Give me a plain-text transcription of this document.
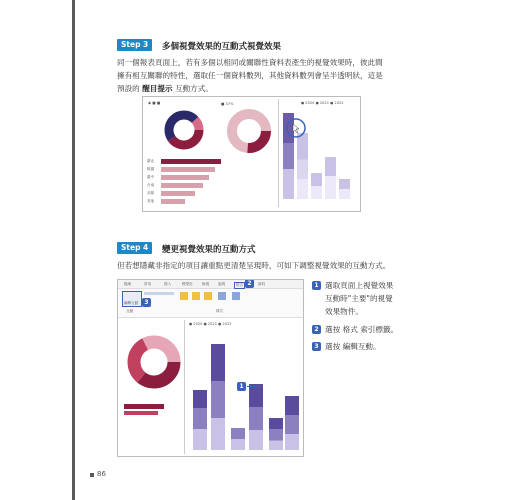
Step 3	多個視覺效果的互動式視覺效果
同一個報表頁面上，若有多個以相同或關聯性資料表產生的視覺效果時，彼此間
擁有相互關聯的特性，選取任一個資料數列，其他資料數列會呈半透明狀，這是
預設的 醒目提示 互動方式。
◉ ■ ■	■ 37%
臺北
桃園
臺中
台南
高雄
其他
● 2020 ● 2021 ● 2022
Step 4	變更視覺效果的互動方式
但若想隱藏非指定的項目讓重點更清楚呈現時，可如下調整視覺效果的互動方式。
檔案	常用	插入	模型化	檢視 說明	格式	資料
2
編輯互動	3
互動	樣式
● 2020 ● 2021 ● 2022
1
1 選取頁面上視覺效果
互動時"主要"的視覺
效果物件。
2 選按 格式 索引標籤。
3 選按 編輯互動。
86
